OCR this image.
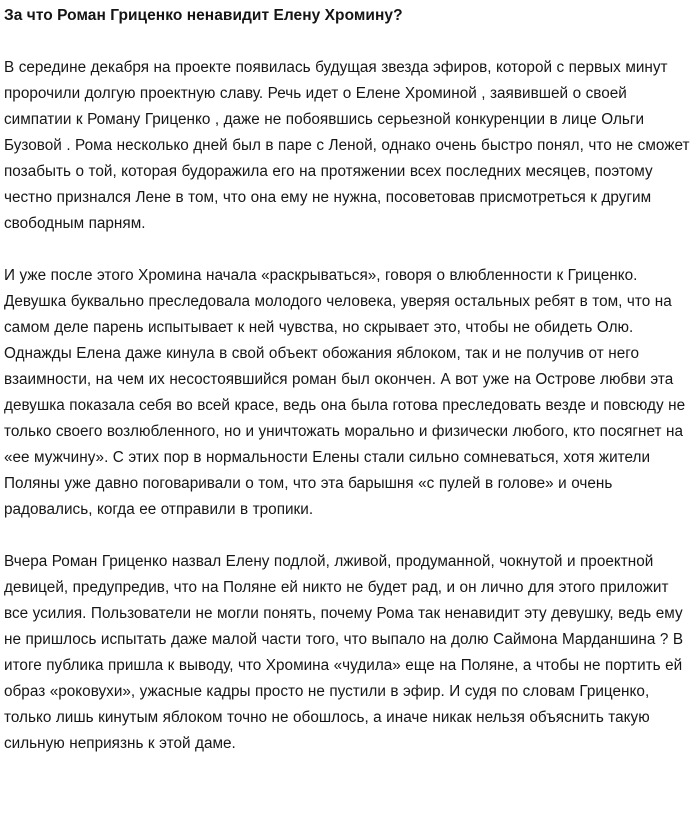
За что Роман Гриценко ненавидит Елену Хромину?

В середине декабря на проекте появилась будущая звезда эфиров, которой с первых минут пророчили долгую проектную славу. Речь идет о Елене Хроминой , заявившей о своей симпатии к Роману Гриценко , даже не побоявшись серьезной конкуренции в лице Ольги Бузовой . Рома несколько дней был в паре с Леной, однако очень быстро понял, что не сможет позабыть о той, которая будоражила его на протяжении всех последних месяцев, поэтому честно признался Лене в том, что она ему не нужна, посоветовав присмотреться к другим свободным парням.

И уже после этого Хромина начала «раскрываться», говоря о влюбленности к Гриценко. Девушка буквально преследовала молодого человека, уверяя остальных ребят в том, что на самом деле парень испытывает к ней чувства, но скрывает это, чтобы не обидеть Олю. Однажды Елена даже кинула в свой объект обожания яблоком, так и не получив от него взаимности, на чем их несостоявшийся роман был окончен. А вот уже на Острове любви эта девушка показала себя во всей красе, ведь она была готова преследовать везде и повсюду не только своего возлюбленного, но и уничтожать морально и физически любого, кто посягнет на «ее мужчину». С этих пор в нормальности Елены стали сильно сомневаться, хотя жители Поляны уже давно поговаривали о том, что эта барышня «с пулей в голове» и очень радовались, когда ее отправили в тропики.

Вчера Роман Гриценко назвал Елену подлой, лживой, продуманной, чокнутой и проектной девицей, предупредив, что на Поляне ей никто не будет рад, и он лично для этого приложит все усилия. Пользователи не могли понять, почему Рома так ненавидит эту девушку, ведь ему не пришлось испытать даже малой части того, что выпало на долю Саймона Марданшина ? В итоге публика пришла к выводу, что Хромина «чудила» еще на Поляне, а чтобы не портить ей образ «роковухи», ужасные кадры просто не пустили в эфир. И судя по словам Гриценко, только лишь кинутым яблоком точно не обошлось, а иначе никак нельзя объяснить такую сильную неприязнь к этой даме.
